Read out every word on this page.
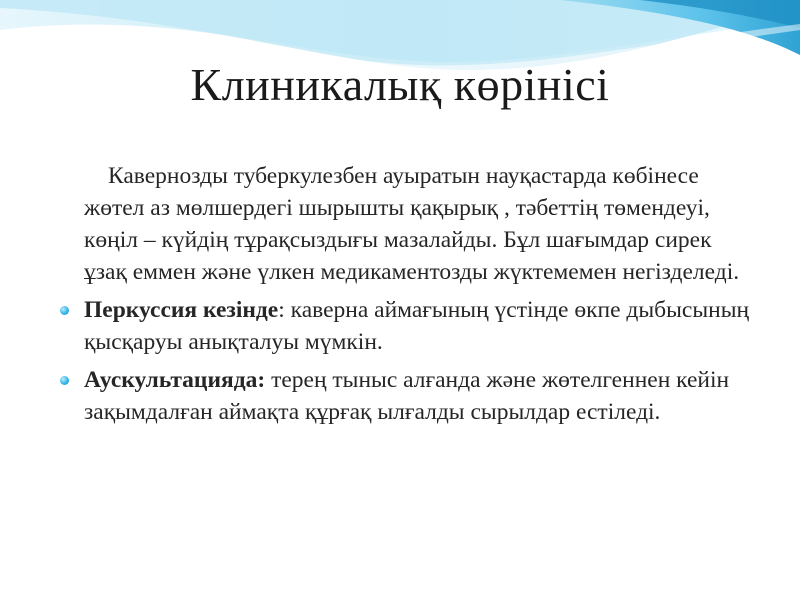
Клиникалық көрінісі

Кавернозды туберкулезбен ауыратын науқастарда көбінесе жөтел аз мөлшердегі шырышты қақырық , тәбеттің төмендеуі, көңіл – күйдің тұрақсыздығы мазалайды. Бұл шағымдар сирек ұзақ еммен және үлкен медикаментозды жүктемемен негізделеді.

Перкуссия кезінде: каверна аймағының үстінде өкпе дыбысының қысқаруы анықталуы мүмкін.
Аускультацияда: терең тыныс алғанда және жөтелгеннен кейін зақымдалған аймақта құрғақ ылғалды сырылдар естіледі.
